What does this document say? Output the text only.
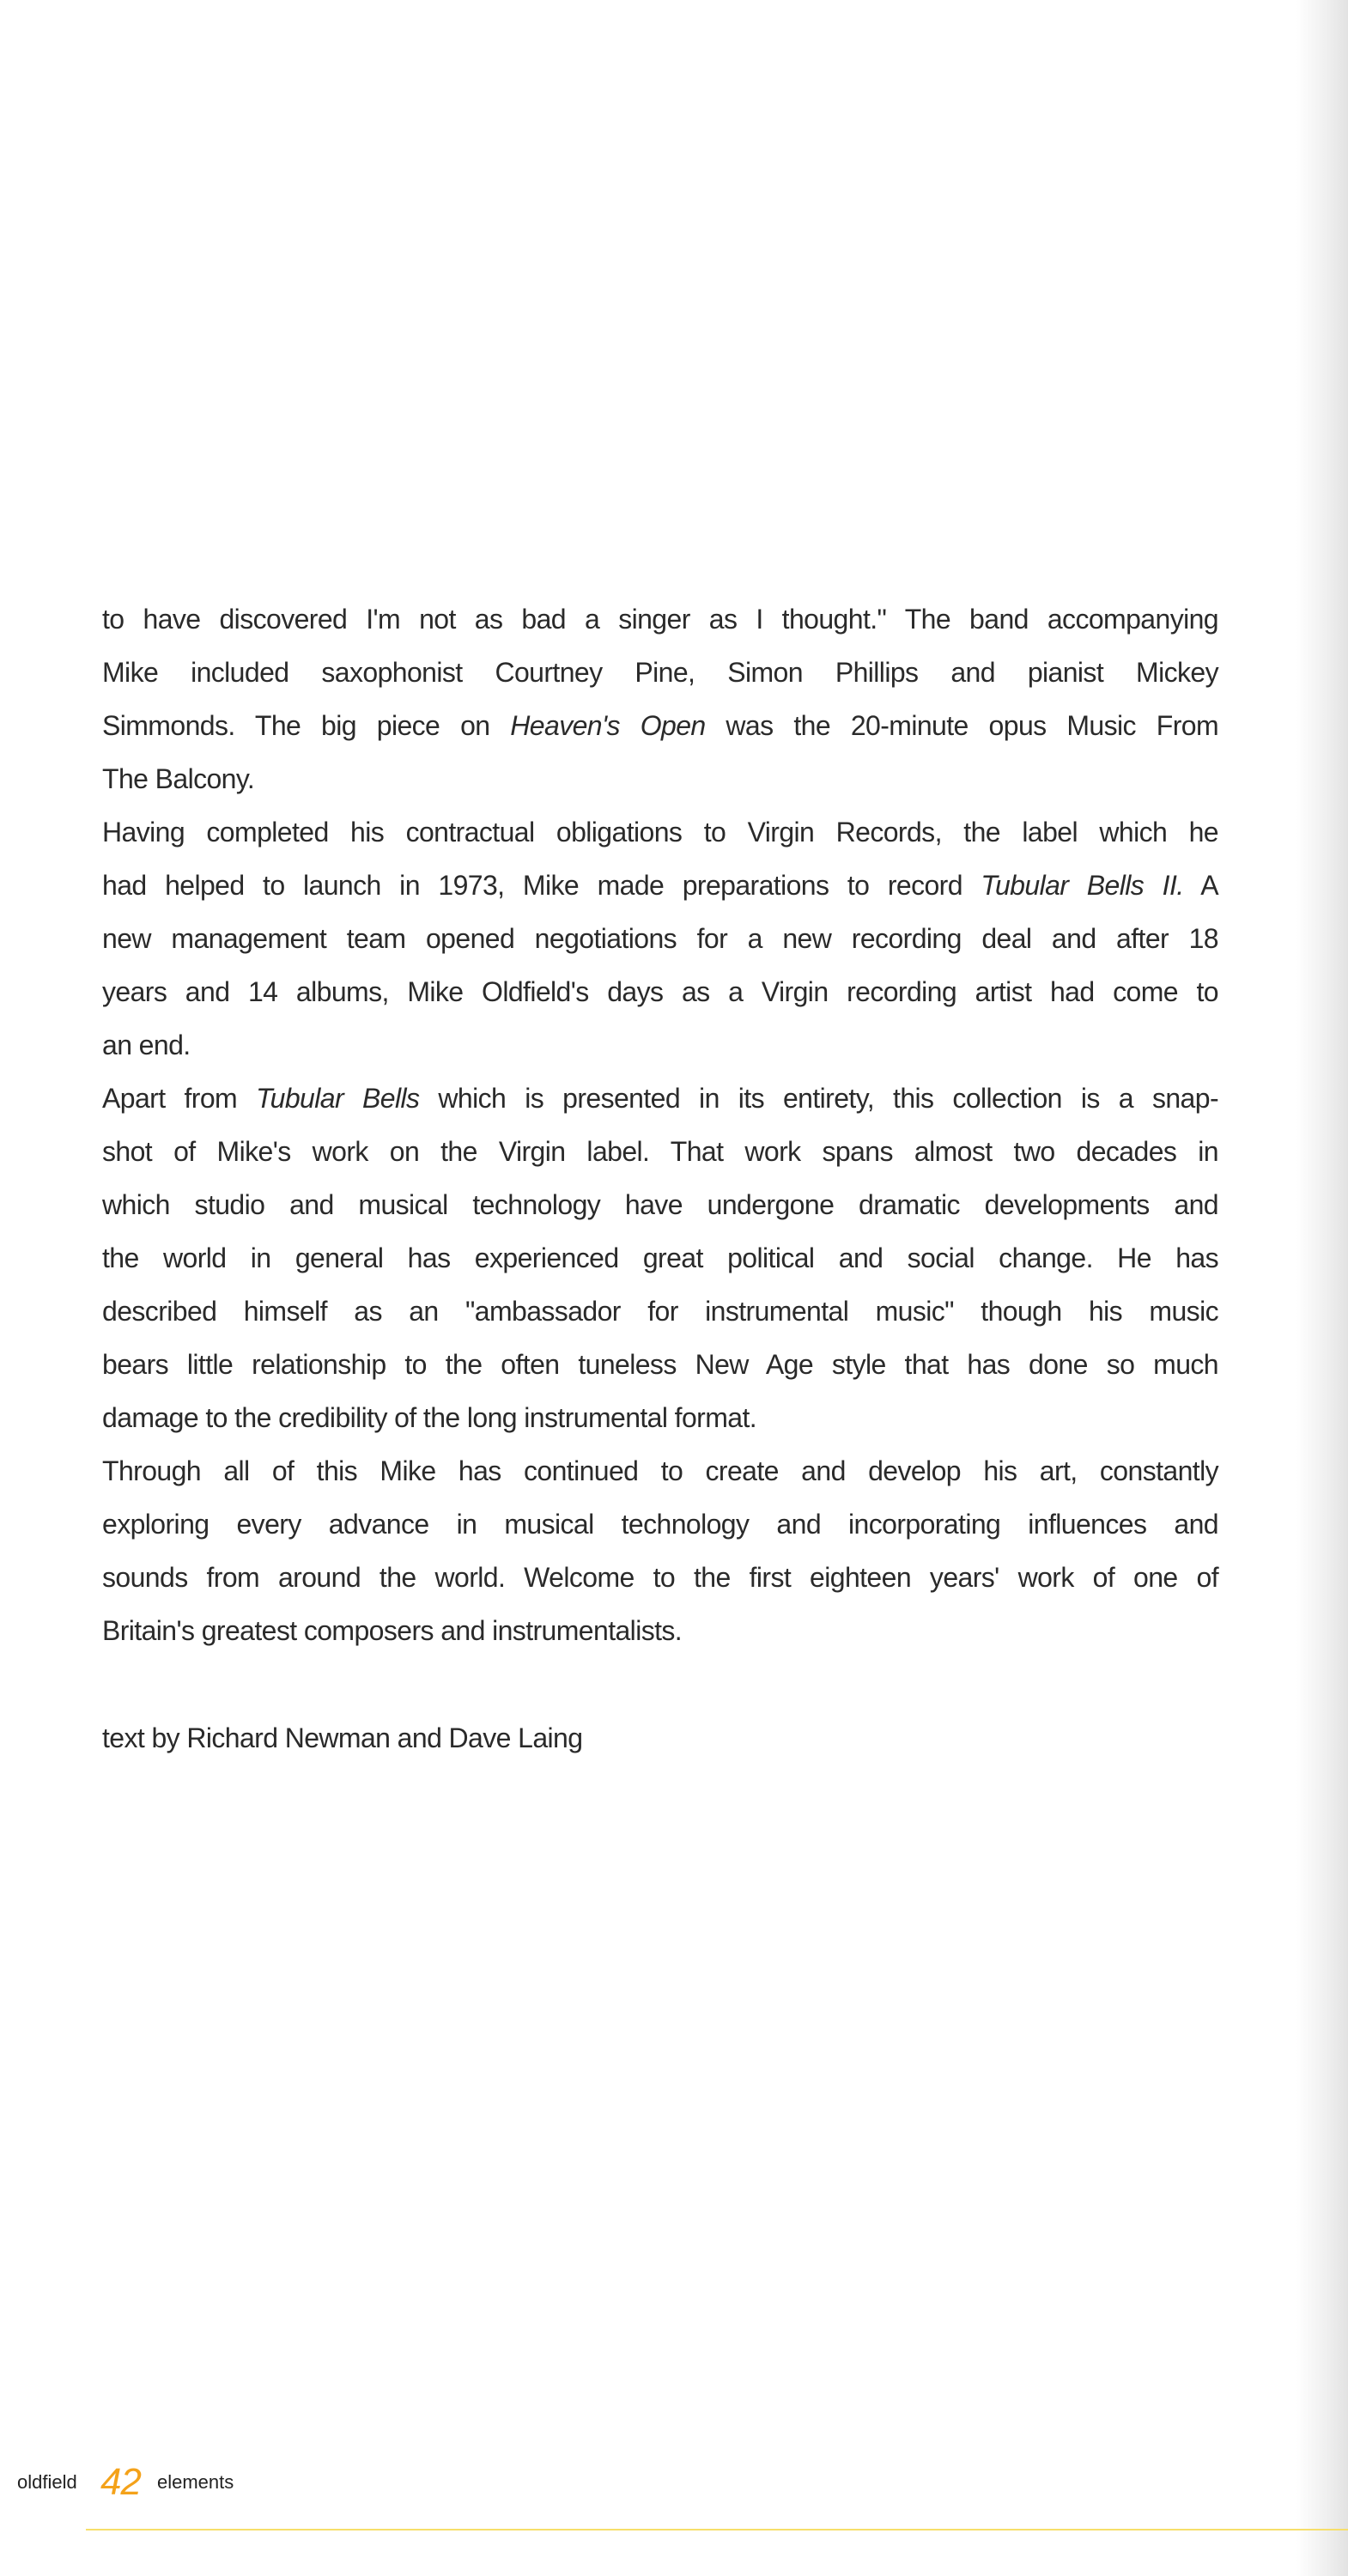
to have discovered I'm not as bad a singer as I thought." The band accompanying
Mike included saxophonist Courtney Pine, Simon Phillips and pianist Mickey
Simmonds. The big piece on Heaven's Open was the 20-minute opus Music From
The Balcony.
Having completed his contractual obligations to Virgin Records, the label which he
had helped to launch in 1973, Mike made preparations to record Tubular Bells II. A
new management team opened negotiations for a new recording deal and after 18
years and 14 albums, Mike Oldfield's days as a Virgin recording artist had come to
an end.
Apart from Tubular Bells which is presented in its entirety, this collection is a snap-
shot of Mike's work on the Virgin label. That work spans almost two decades in
which studio and musical technology have undergone dramatic developments and
the world in general has experienced great political and social change. He has
described himself as an "ambassador for instrumental music" though his music
bears little relationship to the often tuneless New Age style that has done so much
damage to the credibility of the long instrumental format.
Through all of this Mike has continued to create and develop his art, constantly
exploring every advance in musical technology and incorporating influences and
sounds from around the world. Welcome to the first eighteen years' work of one of
Britain's greatest composers and instrumentalists.
text by Richard Newman and Dave Laing
oldfield 42 elements
